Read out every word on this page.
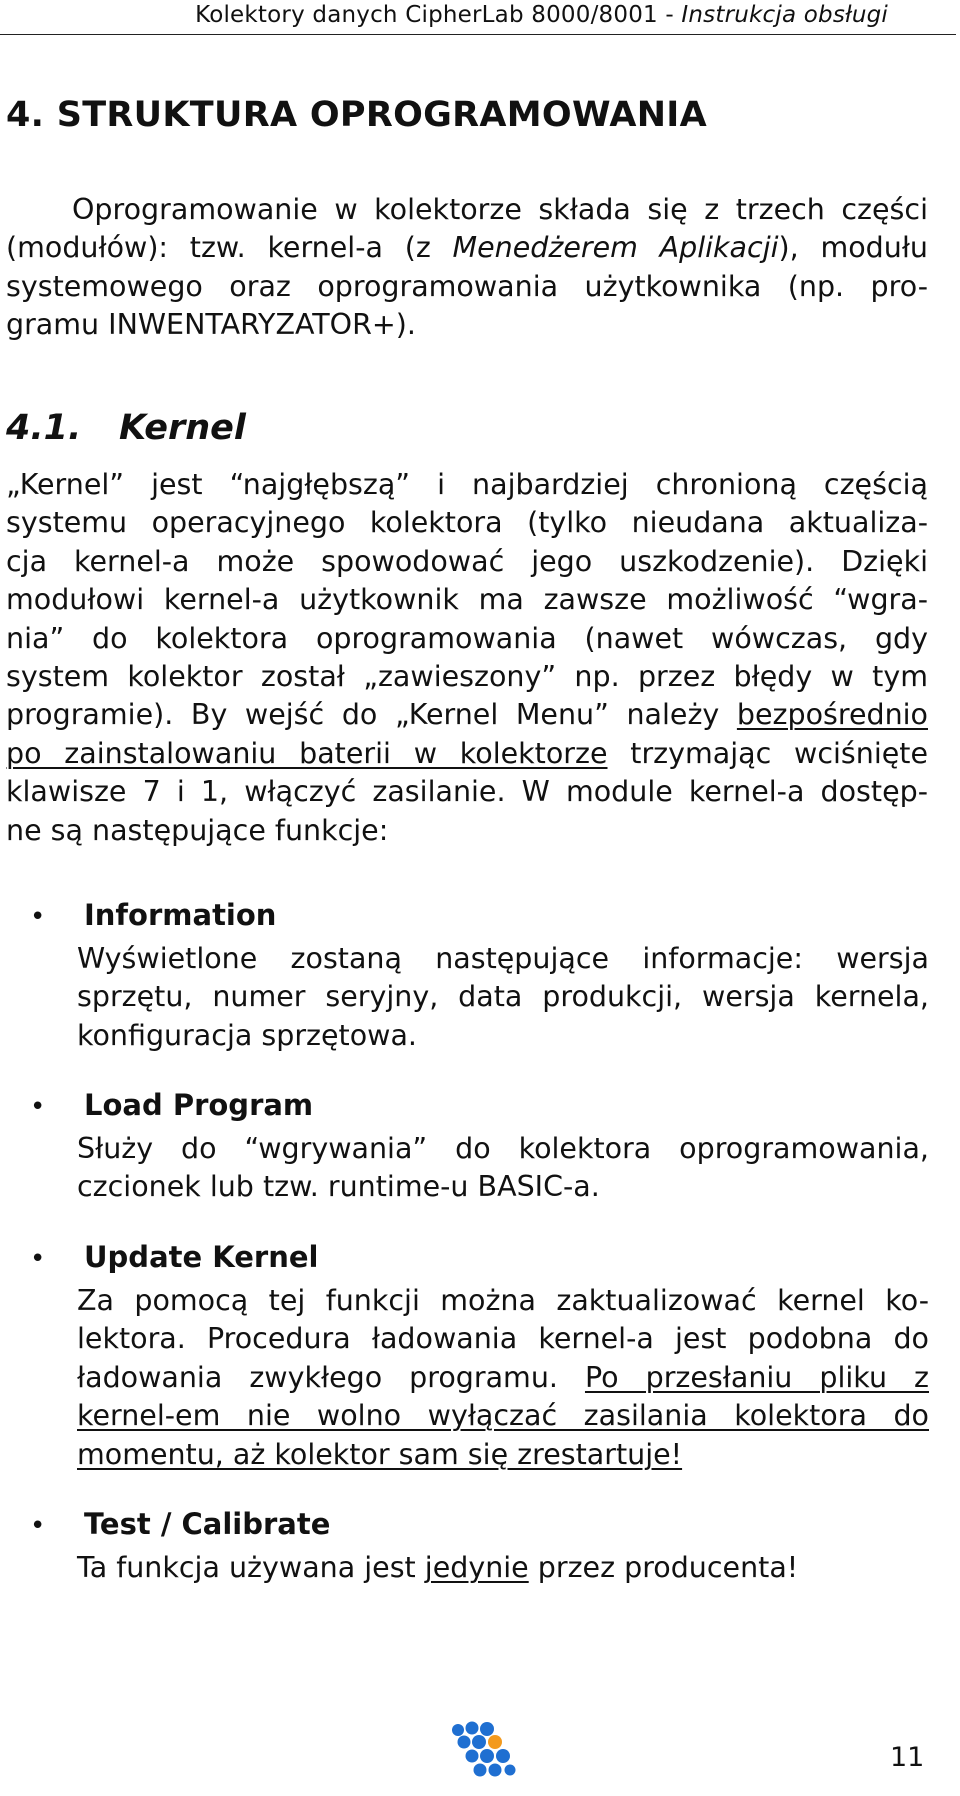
Kolektory danych CipherLab 8000/8001 - Instrukcja obsługi
4. STRUKTURA OPROGRAMOWANIA
Oprogramowanie w kolektorze składa się z trzech części
(modułów): tzw. kernel-a (z Menedżerem Aplikacji), modułu
systemowego oraz oprogramowania użytkownika (np. pro-
gramu INWENTARYZATOR+).
4.1. Kernel
„Kernel” jest “najgłębszą” i najbardziej chronioną częścią
systemu operacyjnego kolektora (tylko nieudana aktualiza-
cja kernel-a może spowodować jego uszkodzenie). Dzięki
modułowi kernel-a użytkownik ma zawsze możliwość “wgra-
nia” do kolektora oprogramowania (nawet wówczas, gdy
system kolektor został „zawieszony” np. przez błędy w tym
programie). By wejść do „Kernel Menu” należy bezpośrednio
po zainstalowaniu baterii w kolektorze trzymając wciśnięte
klawisze 7 i 1, włączyć zasilanie. W module kernel-a dostęp-
ne są następujące funkcje:
• Information
Wyświetlone zostaną następujące informacje: wersja
sprzętu, numer seryjny, data produkcji, wersja kernela,
konfiguracja sprzętowa.
• Load Program
Służy do “wgrywania” do kolektora oprogramowania,
czcionek lub tzw. runtime-u BASIC-a.
• Update Kernel
Za pomocą tej funkcji można zaktualizować kernel ko-
lektora. Procedura ładowania kernel-a jest podobna do
ładowania zwykłego programu. Po przesłaniu pliku z
kernel-em nie wolno wyłączać zasilania kolektora do
momentu, aż kolektor sam się zrestartuje!
• Test / Calibrate
Ta funkcja używana jest jedynie przez producenta!
11
